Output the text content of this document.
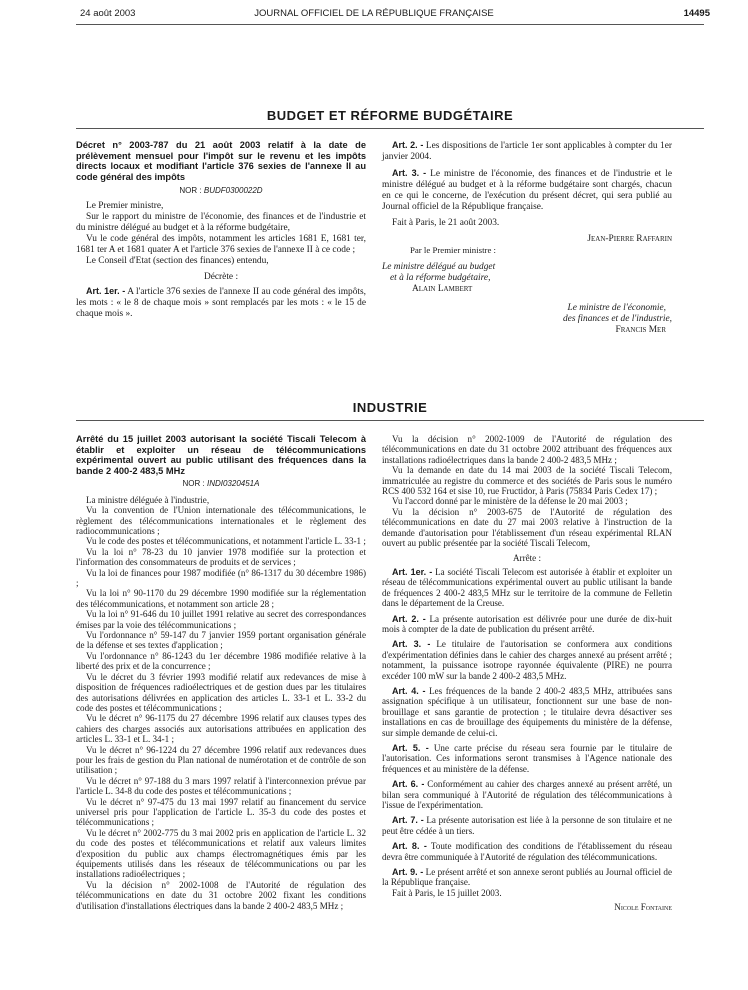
24 août 2003	JOURNAL OFFICIEL DE LA RÉPUBLIQUE FRANÇAISE	14495
BUDGET ET RÉFORME BUDGÉTAIRE

Décret n° 2003-787 du 21 août 2003 relatif à la date de prélèvement mensuel pour l'impôt sur le revenu et les impôts directs locaux et modifiant l'article 376 sexies de l'annexe II au code général des impôts

NOR : BUDF0300022D

Le Premier ministre,

Sur le rapport du ministre de l'économie, des finances et de l'industrie et du ministre délégué au budget et à la réforme budgétaire,

Vu le code général des impôts, notamment les articles 1681 E, 1681 ter, 1681 ter A et 1681 quater A et l'article 376 sexies de l'annexe II à ce code ;

Le Conseil d'Etat (section des finances) entendu,

Décrète :

Art. 1er. - A l'article 376 sexies de l'annexe II au code général des impôts, les mots : « le 8 de chaque mois » sont remplacés par les mots : « le 15 de chaque mois ».

Art. 2. - Les dispositions de l'article 1er sont applicables à compter du 1er janvier 2004.

Art. 3. - Le ministre de l'économie, des finances et de l'industrie et le ministre délégué au budget et à la réforme budgétaire sont chargés, chacun en ce qui le concerne, de l'exécution du présent décret, qui sera publié au Journal officiel de la République française.

Fait à Paris, le 21 août 2003.

Jean-Pierre Raffarin

Par le Premier ministre :

Le ministre délégué au budget

et à la réforme budgétaire,

Alain Lambert

Le ministre de l'économie,

des finances et de l'industrie,

Francis Mer

INDUSTRIE

Arrêté du 15 juillet 2003 autorisant la société Tiscali Telecom à établir et exploiter un réseau de télécommunications expérimental ouvert au public utilisant des fréquences dans la bande 2 400-2 483,5 MHz

NOR : INDI0320451A

La ministre déléguée à l'industrie,

Vu la convention de l'Union internationale des télécommunications, le règlement des télécommunications internationales et le règlement des radiocommunications ;

Vu le code des postes et télécommunications, et notamment l'article L. 33-1 ;

Vu la loi n° 78-23 du 10 janvier 1978 modifiée sur la protection et l'information des consommateurs de produits et de services ;

Vu la loi de finances pour 1987 modifiée (n° 86-1317 du 30 décembre 1986) ;

Vu la loi n° 90-1170 du 29 décembre 1990 modifiée sur la réglementation des télécommunications, et notamment son article 28 ;

Vu la loi n° 91-646 du 10 juillet 1991 relative au secret des correspondances émises par la voie des télécommunications ;

Vu l'ordonnance n° 59-147 du 7 janvier 1959 portant organisation générale de la défense et ses textes d'application ;

Vu l'ordonnance n° 86-1243 du 1er décembre 1986 modifiée relative à la liberté des prix et de la concurrence ;

Vu le décret du 3 février 1993 modifié relatif aux redevances de mise à disposition de fréquences radioélectriques et de gestion dues par les titulaires des autorisations délivrées en application des articles L. 33-1 et L. 33-2 du code des postes et télécommunications ;

Vu le décret n° 96-1175 du 27 décembre 1996 relatif aux clauses types des cahiers des charges associés aux autorisations attribuées en application des articles L. 33-1 et L. 34-1 ;

Vu le décret n° 96-1224 du 27 décembre 1996 relatif aux redevances dues pour les frais de gestion du Plan national de numérotation et de contrôle de son utilisation ;

Vu le décret n° 97-188 du 3 mars 1997 relatif à l'interconnexion prévue par l'article L. 34-8 du code des postes et télécommunications ;

Vu le décret n° 97-475 du 13 mai 1997 relatif au financement du service universel pris pour l'application de l'article L. 35-3 du code des postes et télécommunications ;

Vu le décret n° 2002-775 du 3 mai 2002 pris en application de l'article L. 32 du code des postes et télécommunications et relatif aux valeurs limites d'exposition du public aux champs électromagnétiques émis par les équipements utilisés dans les réseaux de télécommunications ou par les installations radioélectriques ;

Vu la décision n° 2002-1008 de l'Autorité de régulation des télécommunications en date du 31 octobre 2002 fixant les conditions d'utilisation d'installations électriques dans la bande 2 400-2 483,5 MHz ;

Vu la décision n° 2002-1009 de l'Autorité de régulation des télécommunications en date du 31 octobre 2002 attribuant des fréquences aux installations radioélectriques dans la bande 2 400-2 483,5 MHz ;

Vu la demande en date du 14 mai 2003 de la société Tiscali Telecom, immatriculée au registre du commerce et des sociétés de Paris sous le numéro RCS 400 532 164 et sise 10, rue Fructidor, à Paris (75834 Paris Cedex 17) ;

Vu l'accord donné par le ministère de la défense le 20 mai 2003 ;

Vu la décision n° 2003-675 de l'Autorité de régulation des télécommunications en date du 27 mai 2003 relative à l'instruction de la demande d'autorisation pour l'établissement d'un réseau expérimental RLAN ouvert au public présentée par la société Tiscali Telecom,

Arrête :

Art. 1er. - La société Tiscali Telecom est autorisée à établir et exploiter un réseau de télécommunications expérimental ouvert au public utilisant la bande de fréquences 2 400-2 483,5 MHz sur le territoire de la commune de Felletin dans le département de la Creuse.

Art. 2. - La présente autorisation est délivrée pour une durée de dix-huit mois à compter de la date de publication du présent arrêté.

Art. 3. - Le titulaire de l'autorisation se conformera aux conditions d'expérimentation définies dans le cahier des charges annexé au présent arrêté ; notamment, la puissance isotrope rayonnée équivalente (PIRE) ne pourra excéder 100 mW sur la bande 2 400-2 483,5 MHz.

Art. 4. - Les fréquences de la bande 2 400-2 483,5 MHz, attribuées sans assignation spécifique à un utilisateur, fonctionnent sur une base de non-brouillage et sans garantie de protection ; le titulaire devra désactiver ses installations en cas de brouillage des équipements du ministère de la défense, sur simple demande de celui-ci.

Art. 5. - Une carte précise du réseau sera fournie par le titulaire de l'autorisation. Ces informations seront transmises à l'Agence nationale des fréquences et au ministère de la défense.

Art. 6. - Conformément au cahier des charges annexé au présent arrêté, un bilan sera communiqué à l'Autorité de régulation des télécommunications à l'issue de l'expérimentation.

Art. 7. - La présente autorisation est liée à la personne de son titulaire et ne peut être cédée à un tiers.

Art. 8. - Toute modification des conditions de l'établissement du réseau devra être communiquée à l'Autorité de régulation des télécommunications.

Art. 9. - Le présent arrêté et son annexe seront publiés au Journal officiel de la République française.

Fait à Paris, le 15 juillet 2003.

Nicole Fontaine
